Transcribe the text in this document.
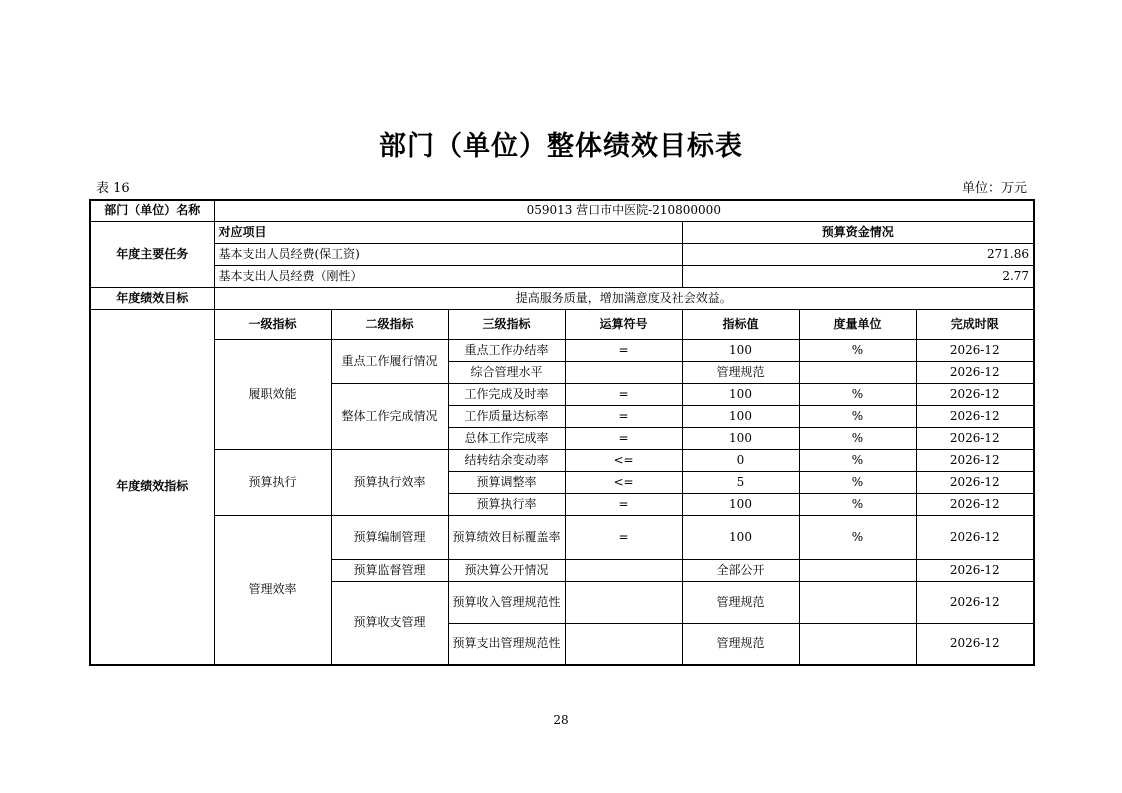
部门（单位）整体绩效目标表
表 16	单位：万元
部门（单位）名称	059013 营口市中医院-210800000						
年度主要任务	对应项目				预算资金情况		
	基本支出人员经费(保工资)				271.86		
	基本支出人员经费（刚性）				2.77		
年度绩效目标	提高服务质量，增加满意度及社会效益。						
年度绩效指标	一级指标	二级指标	三级指标	运算符号	指标值	度量单位	完成时限
	履职效能	重点工作履行情况	重点工作办结率	=	100	%	2026-12
			综合管理水平		管理规范		2026-12
		整体工作完成情况	工作完成及时率	=	100	%	2026-12
			工作质量达标率	=	100	%	2026-12
			总体工作完成率	=	100	%	2026-12
	预算执行	预算执行效率	结转结余变动率	<=	0	%	2026-12
			预算调整率	<=	5	%	2026-12
			预算执行率	=	100	%	2026-12
	管理效率	预算编制管理	预算绩效目标覆盖率	=	100	%	2026-12
		预算监督管理	预决算公开情况		全部公开		2026-12
		预算收支管理	预算收入管理规范性		管理规范		2026-12
			预算支出管理规范性		管理规范		2026-12
28
